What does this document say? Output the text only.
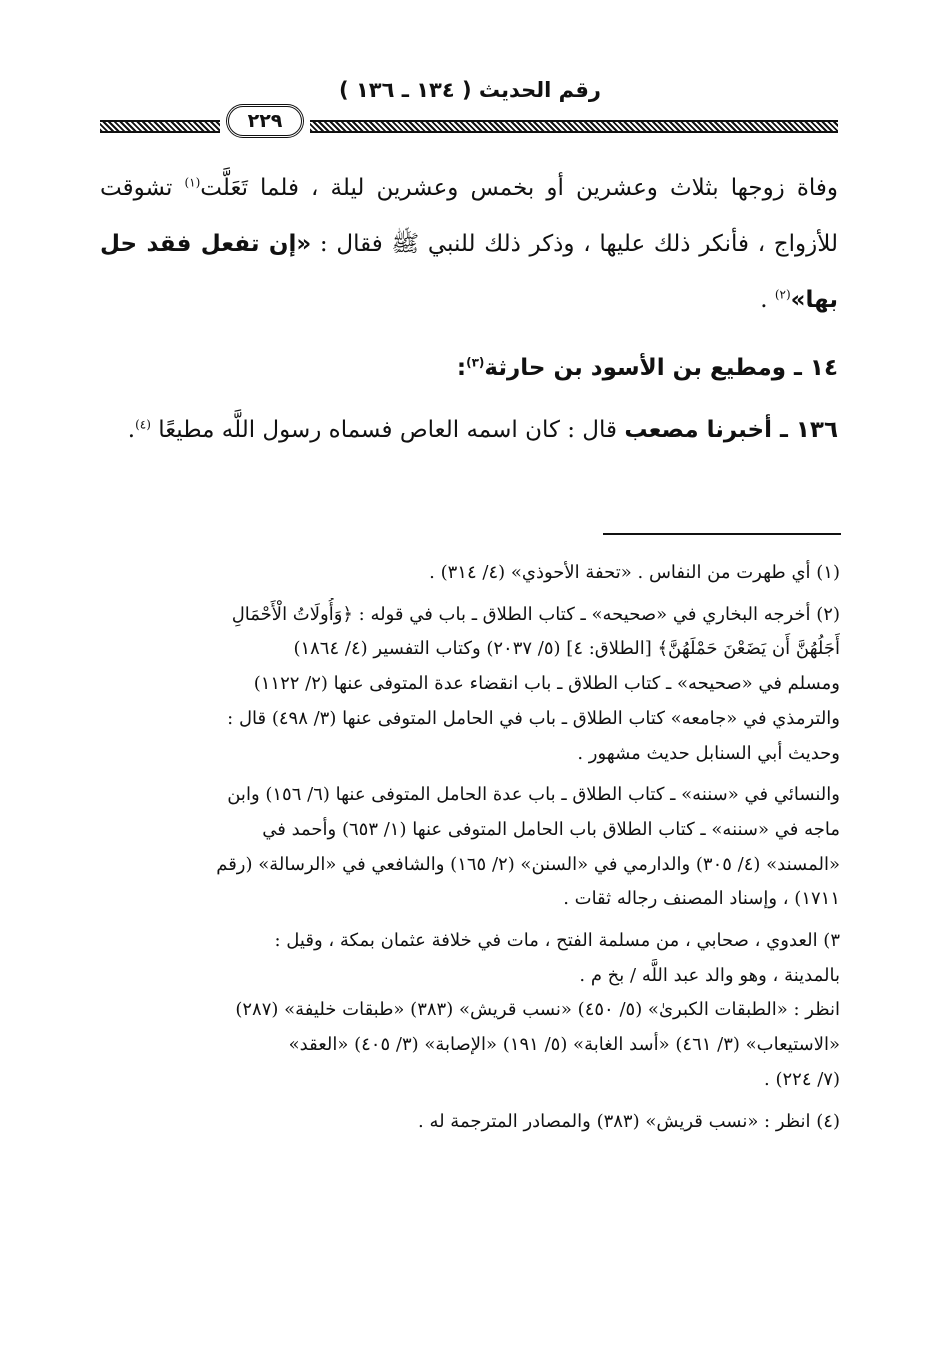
رقم الحديث ( ١٣٤ ـ ١٣٦ )
٢٢٩

وفاة زوجها بثلاث وعشرين أو بخمس وعشرين ليلة ، فلما تَعَلَّت$^{(١)}$ تشوقت للأزواج ، فأنكر ذلك عليها ، وذكر ذلك للنبي ﷺ فقال : «إن تفعل فقد حل بها»$^{(٢)}$ .

١٤ ـ ومطيع بن الأسود بن حارثة$^{(٣)}$:

١٣٦ ـ أخبرنا مصعب قال : كان اسمه العاص فسماه رسول اللَّه مطيعًا $^{(٤)}$.

(١) أي طهرت من النفاس . «تحفة الأحوذي» (٤/ ٣١٤) .
(٢) أخرجه البخاري في «صحيحه» ـ كتاب الطلاق ـ باب في قوله : ﴿وَأُولَاتُ الْأَحْمَالِ
أَجَلُهُنَّ أَن يَضَعْنَ حَمْلَهُنَّ﴾ [الطلاق: ٤] (٥/ ٢٠٣٧) وكتاب التفسير (٤/ ١٨٦٤)
ومسلم في «صحيحه» ـ كتاب الطلاق ـ باب انقضاء عدة المتوفى عنها (٢/ ١١٢٢)
والترمذي في «جامعه» كتاب الطلاق ـ باب في الحامل المتوفى عنها (٣/ ٤٩٨) قال :
وحديث أبي السنابل حديث مشهور .
والنسائي في «سننه» ـ كتاب الطلاق ـ باب عدة الحامل المتوفى عنها (٦/ ١٥٦) وابن
ماجه في «سننه» ـ كتاب الطلاق باب الحامل المتوفى عنها (١/ ٦٥٣) وأحمد في
«المسند» (٤/ ٣٠٥) والدارمي في «السنن» (٢/ ١٦٥) والشافعي في «الرسالة» (رقم
١٧١١) ، وإسناد المصنف رجاله ثقات .
٣) العدوي ، صحابي ، من مسلمة الفتح ، مات في خلافة عثمان بمكة ، وقيل :
بالمدينة ، وهو والد عبد اللَّه / بخ م .
انظر : «الطبقات الكبرىٰ» (٥/ ٤٥٠) «نسب قريش» (٣٨٣) «طبقات خليفة» (٢٨٧)
«الاستيعاب» (٣/ ٤٦١) «أسد الغابة» (٥/ ١٩١) «الإصابة» (٣/ ٤٠٥) «العقد»
(٧/ ٢٢٤) .
(٤) انظر : «نسب قريش» (٣٨٣) والمصادر المترجمة له .
